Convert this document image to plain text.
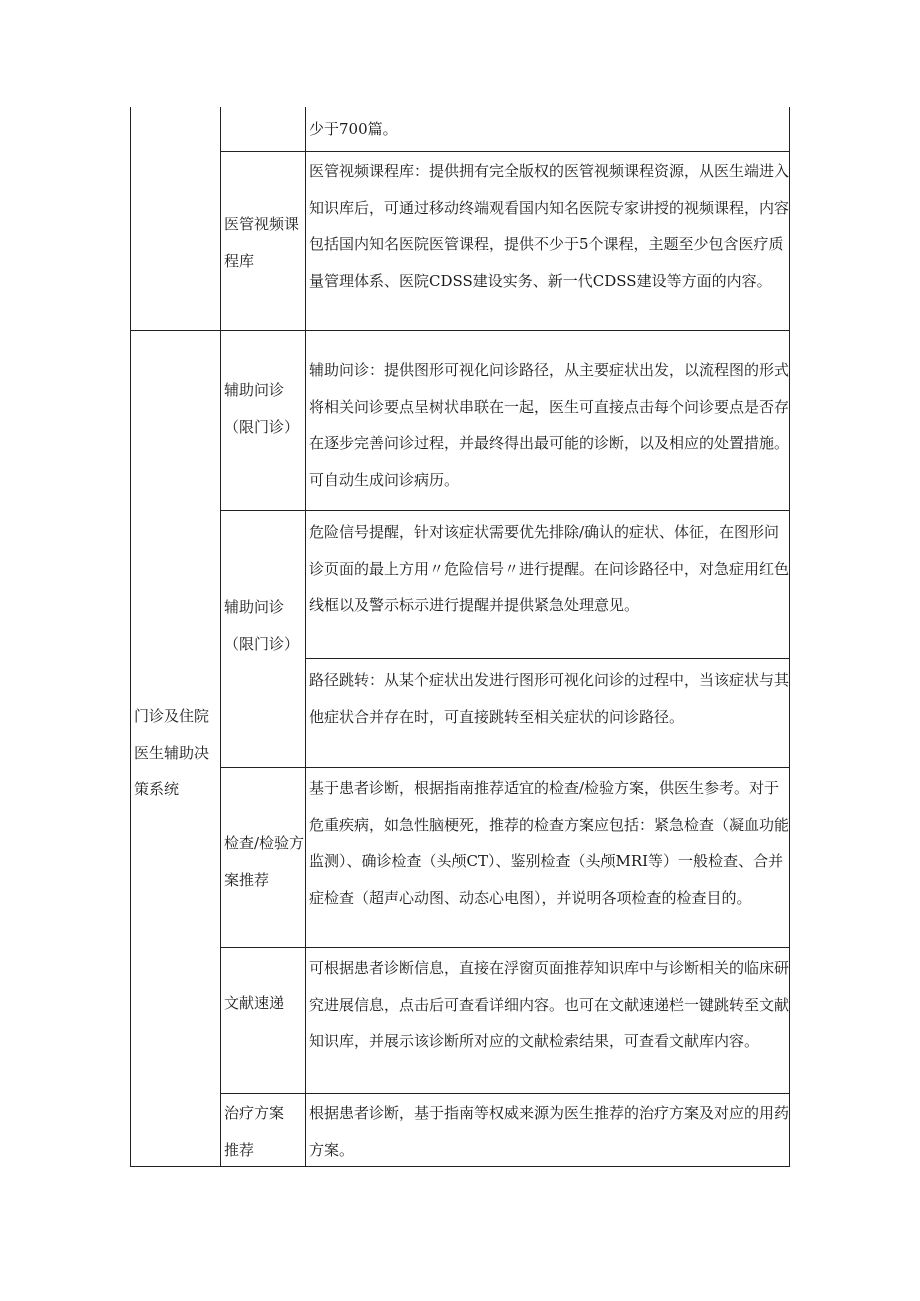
少于700篇。
医管视频课程库
医管视频课程库：提供拥有完全版权的医管视频课程资源，从医生端进入知识库后，可通过移动终端观看国内知名医院专家讲授的视频课程，内容包括国内知名医院医管课程，提供不少于5个课程，主题至少包含医疗质量管理体系、医院CDSS建设实务、新一代CDSS建设等方面的内容。
门诊及住院医生辅助决策系统
辅助问诊（限门诊）
辅助问诊：提供图形可视化问诊路径，从主要症状出发，以流程图的形式将相关问诊要点呈树状串联在一起，医生可直接点击每个问诊要点是否存在逐步完善问诊过程，并最终得出最可能的诊断，以及相应的处置措施。可自动生成问诊病历。
辅助问诊（限门诊）
危险信号提醒，针对该症状需要优先排除/确认的症状、体征，在图形问诊页面的最上方用〃危险信号〃进行提醒。在问诊路径中，对急症用红色线框以及警示标示进行提醒并提供紧急处理意见。
路径跳转：从某个症状出发进行图形可视化问诊的过程中，当该症状与其他症状合并存在时，可直接跳转至相关症状的问诊路径。
检查/检验方案推荐
基于患者诊断，根据指南推荐适宜的检查/检验方案，供医生参考。对于危重疾病，如急性脑梗死，推荐的检查方案应包括：紧急检查（凝血功能监测）、确诊检查（头颅CT）、鉴别检查（头颅MRI等）一般检查、合并症检查（超声心动图、动态心电图），并说明各项检查的检查目的。
文献速递
可根据患者诊断信息，直接在浮窗页面推荐知识库中与诊断相关的临床研究进展信息，点击后可查看详细内容。也可在文献速递栏一键跳转至文献知识库，并展示该诊断所对应的文献检索结果，可查看文献库内容。
治疗方案推荐
根据患者诊断，基于指南等权威来源为医生推荐的治疗方案及对应的用药方案。
